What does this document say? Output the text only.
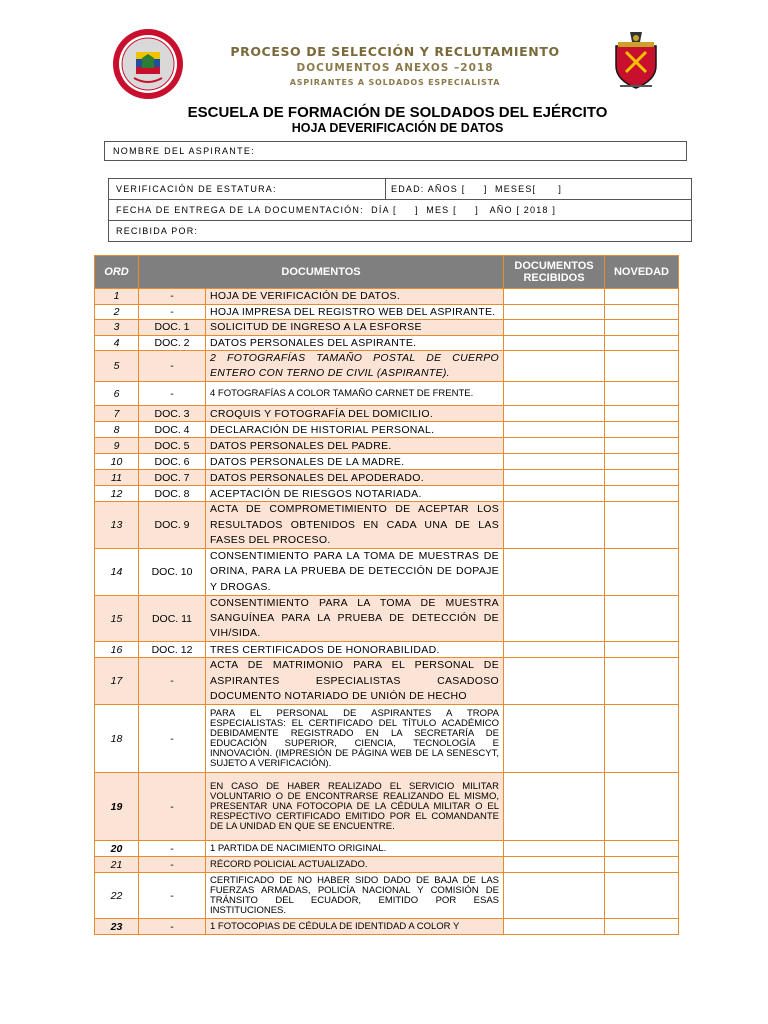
PROCESO DE SELECCIÓN Y RECLUTAMIENTO
DOCUMENTOS ANEXOS –2018
ASPIRANTES A SOLDADOS ESPECIALISTA
ESCUELA DE FORMACIÓN DE SOLDADOS DEL EJÉRCITO
HOJA DEVERIFICACIÓN DE DATOS
NOMBRE DEL ASPIRANTE:
VERIFICACIÓN DE ESTATURA:	EDAD: AÑOS [     ]  MESES[      ]
FECHA DE ENTREGA DE LA DOCUMENTACIÓN:  DÍA [     ]  MES [     ]   AÑO [ 2018 ]
RECIBIDA POR:
ORD	DOCUMENTOS		DOCUMENTOS RECIBIDOS	NOVEDAD
1	-	HOJA DE VERIFICACIÓN DE DATOS.		
2	-	HOJA IMPRESA DEL REGISTRO WEB DEL ASPIRANTE.		
3	DOC. 1	SOLICITUD DE INGRESO A LA ESFORSE		
4	DOC. 2	DATOS PERSONALES DEL ASPIRANTE.		
5	-	2 FOTOGRAFÍAS TAMAÑO POSTAL DE CUERPO ENTERO CON TERNO DE CIVIL (ASPIRANTE).		
6	-	4 FOTOGRAFÍAS A COLOR TAMAÑO CARNET DE FRENTE.		
7	DOC. 3	CROQUIS Y FOTOGRAFÍA DEL DOMICILIO.		
8	DOC. 4	DECLARACIÓN DE HISTORIAL PERSONAL.		
9	DOC. 5	DATOS PERSONALES DEL PADRE.		
10	DOC. 6	DATOS PERSONALES DE LA MADRE.		
11	DOC. 7	DATOS PERSONALES DEL APODERADO.		
12	DOC. 8	ACEPTACIÓN DE RIESGOS NOTARIADA.		
13	DOC. 9	ACTA DE COMPROMETIMIENTO DE ACEPTAR LOS RESULTADOS OBTENIDOS EN CADA UNA DE LAS FASES DEL PROCESO.		
14	DOC. 10	CONSENTIMIENTO PARA LA TOMA DE MUESTRAS DE ORINA, PARA LA PRUEBA DE DETECCIÓN DE DOPAJE Y DROGAS.		
15	DOC. 11	CONSENTIMIENTO PARA LA TOMA DE MUESTRA SANGUÍNEA PARA LA PRUEBA DE DETECCIÓN DE VIH/SIDA.		
16	DOC. 12	TRES CERTIFICADOS DE HONORABILIDAD.		
17	-	ACTA DE MATRIMONIO PARA EL PERSONAL DE ASPIRANTES ESPECIALISTAS CASADOSO DOCUMENTO NOTARIADO DE UNIÓN DE HECHO		
18	-	PARA EL PERSONAL DE ASPIRANTES A TROPA ESPECIALISTAS: EL CERTIFICADO DEL TÍTULO ACADÉMICO DEBIDAMENTE REGISTRADO EN LA SECRETARÍA DE EDUCACIÓN SUPERIOR, CIENCIA, TECNOLOGÍA E INNOVACIÓN. (IMPRESIÓN DE PÁGINA WEB DE LA SENESCYT, SUJETO A VERIFICACIÓN).		
19	-	EN CASO DE HABER REALIZADO EL SERVICIO MILITAR VOLUNTARIO O DE ENCONTRARSE REALIZANDO EL MISMO, PRESENTAR UNA FOTOCOPIA DE LA CÉDULA MILITAR O EL RESPECTIVO CERTIFICADO EMITIDO POR EL COMANDANTE DE LA UNIDAD EN QUE SE ENCUENTRE.		
20	-	1 PARTIDA DE NACIMIENTO ORIGINAL.		
21	-	RÉCORD POLICIAL ACTUALIZADO.		
22	-	CERTIFICADO DE NO HABER SIDO DADO DE BAJA DE LAS FUERZAS ARMADAS, POLICÍA NACIONAL Y COMISIÓN DE TRÁNSITO DEL ECUADOR, EMITIDO POR ESAS INSTITUCIONES.		
23	-	1 FOTOCOPIAS DE CÉDULA DE IDENTIDAD A COLOR Y		
